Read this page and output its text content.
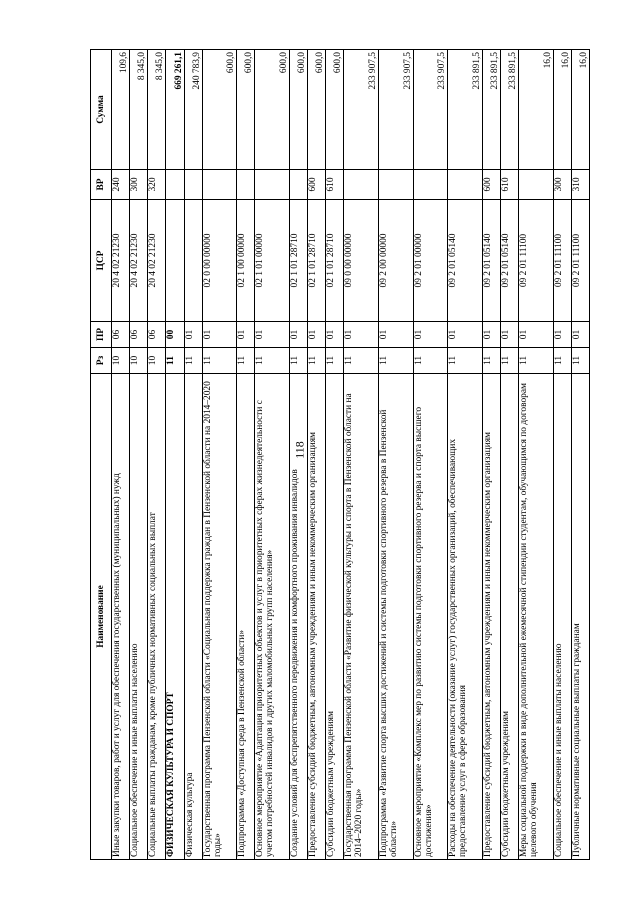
118
Наименование	Рз	ПР	ЦСР	ВР	Сумма
Иные закупки товаров, работ и услуг для обеспечения государственных (муниципальных) нужд	10	06	20 4 02 21230	240	109,6
Социальное обеспечение и иные выплаты населению	10	06	20 4 02 21230	300	8 345,0
Социальные выплаты гражданам, кроме публичных нормативных социальных выплат	10	06	20 4 02 21230	320	8 345,0
ФИЗИЧЕСКАЯ КУЛЬТУРА И СПОРТ	11	00			669 261,1
Физическая культура	11	01			240 783,9
Государственная программа Пензенской области «Социальная поддержка граждан в Пензенской области на 2014–2020 годы»	11	01	02 0 00 00000		600,0
Подпрограмма «Доступная среда в Пензенской области»	11	01	02 1 00 00000		600,0
Основное мероприятие «Адаптация приоритетных объектов и услуг в приоритетных сферах жизнедеятельности с учетом потребностей инвалидов и других маломобильных групп населения»	11	01	02 1 01 00000		600,0
Создание условий для беспрепятственного передвижения и комфортного проживания инвалидов	11	01	02 1 01 28710		600,0
Предоставление субсидий бюджетным, автономным учреждениям и иным некоммерческим организациям	11	01	02 1 01 28710	600	600,0
Субсидии бюджетным учреждениям	11	01	02 1 01 28710	610	600,0
Государственная программа Пензенской области «Развитие физической культуры и спорта в Пензенской области на 2014–2020 годы»	11	01	09 0 00 00000		233 907,5
Подпрограмма «Развитие спорта высших достижений и системы подготовки спортивного резерва в Пензенской области»	11	01	09 2 00 00000		233 907,5
Основное мероприятие «Комплекс мер по развитию системы подготовки спортивного резерва и спорта высшего достижения»	11	01	09 2 01 00000		233 907,5
Расходы на обеспечение деятельности (оказание услуг) государственных организаций, обеспечивающих предоставление услуг в сфере образования	11	01	09 2 01 05140		233 891,5
Предоставление субсидий бюджетным, автономным учреждениям и иным некоммерческим организациям	11	01	09 2 01 05140	600	233 891,5
Субсидии бюджетным учреждениям	11	01	09 2 01 05140	610	233 891,5
Меры социальной поддержки в виде дополнительной ежемесячной стипендии студентам, обучающимся по договорам целевого обучения	11	01	09 2 01 11100		16,0
Социальное обеспечение и иные выплаты населению	11	01	09 2 01 11100	300	16,0
Публичные нормативные социальные выплаты гражданам	11	01	09 2 01 11100	310	16,0
